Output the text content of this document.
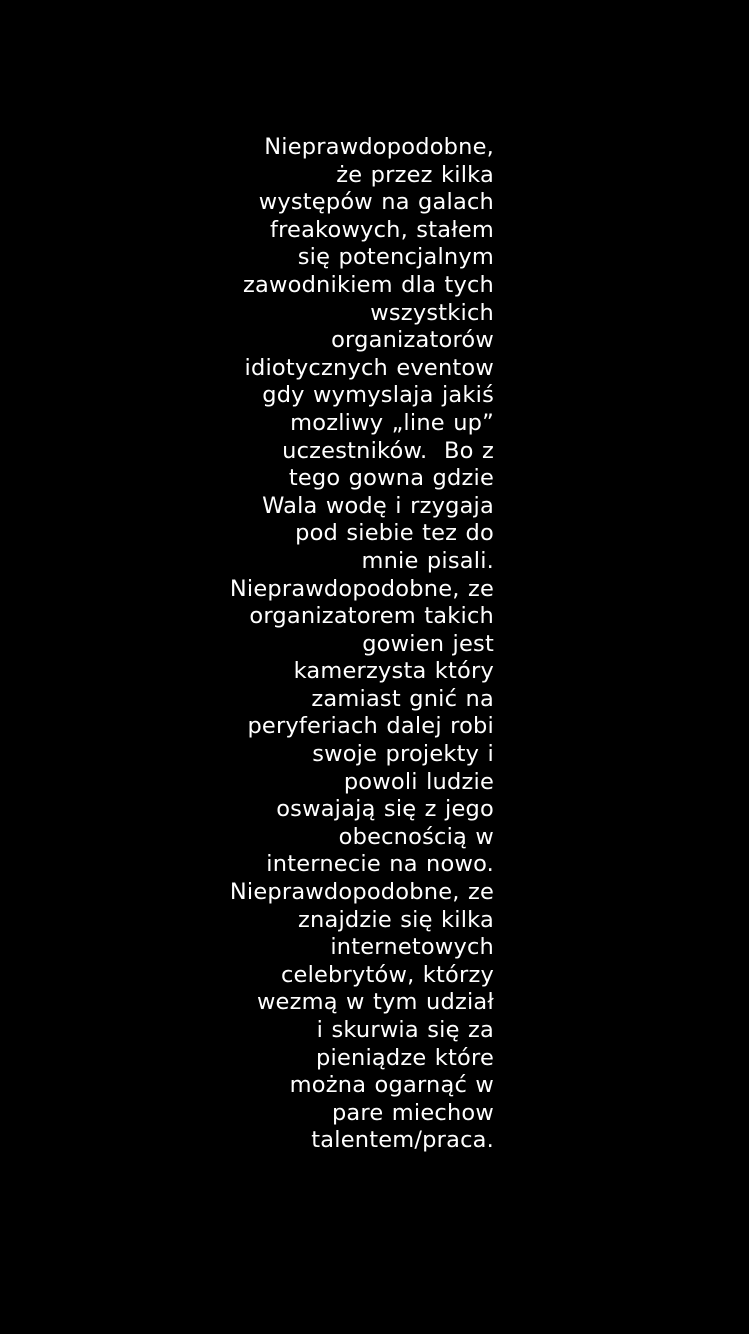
Nieprawdopodobne,
że przez kilka
występów na galach
freakowych, stałem
się potencjalnym
zawodnikiem dla tych
wszystkich
organizatorów
idiotycznych eventow
gdy wymyslaja jakiś
mozliwy „line up”
uczestników.  Bo z
tego gowna gdzie
Wala wodę i rzygaja
pod siebie tez do
mnie pisali.
Nieprawdopodobne, ze
organizatorem takich
gowien jest
kamerzysta który
zamiast gnić na
peryferiach dalej robi
swoje projekty i
powoli ludzie
oswajają się z jego
obecnością w
internecie na nowo.
Nieprawdopodobne, ze
znajdzie się kilka
internetowych
celebrytów, którzy
wezmą w tym udział
i skurwia się za
pieniądze które
można ogarnąć w
pare miechow
talentem/praca.
